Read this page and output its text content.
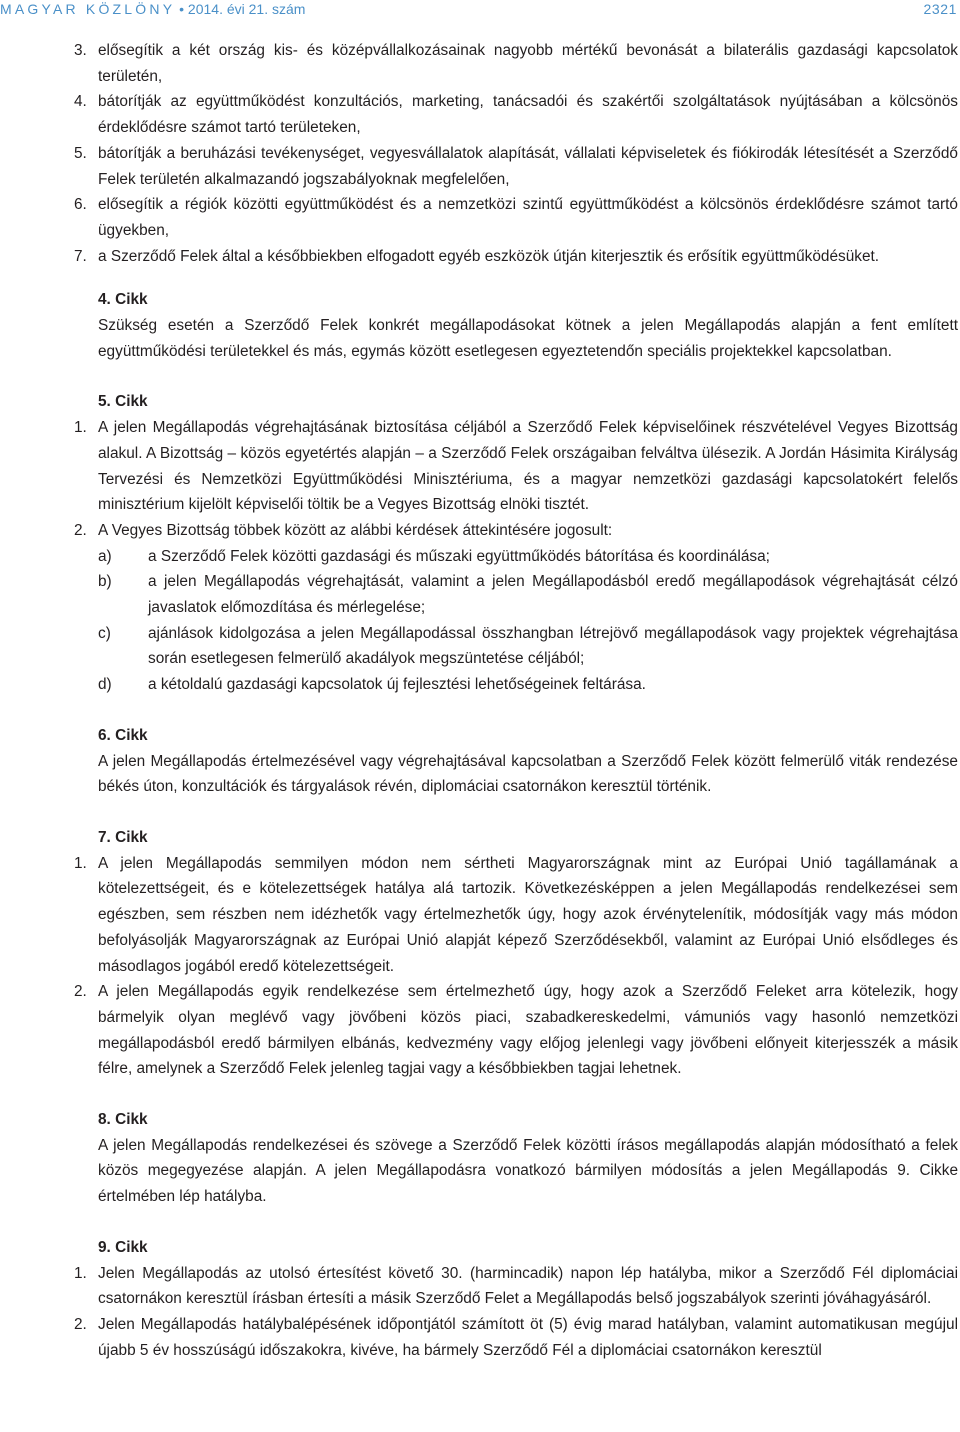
MAGYAR KÖZLÖNY • 2014. évi 21. szám	2321
3. elősegítik a két ország kis- és középvállalkozásainak nagyobb mértékű bevonását a bilaterális gazdasági kapcsolatok területén,
4. bátorítják az együttműködést konzultációs, marketing, tanácsadói és szakértői szolgáltatások nyújtásában a kölcsönös érdeklődésre számot tartó területeken,
5. bátorítják a beruházási tevékenységet, vegyesvállalatok alapítását, vállalati képviseletek és fiókirodák létesítését a Szerződő Felek területén alkalmazandó jogszabályoknak megfelelően,
6. elősegítik a régiók közötti együttműködést és a nemzetközi szintű együttműködést a kölcsönös érdeklődésre számot tartó ügyekben,
7. a Szerződő Felek által a későbbiekben elfogadott egyéb eszközök útján kiterjesztik és erősítik együttműködésüket.
4. Cikk
Szükség esetén a Szerződő Felek konkrét megállapodásokat kötnek a jelen Megállapodás alapján a fent említett együttműködési területekkel és más, egymás között esetlegesen egyeztetendőn speciális projektekkel kapcsolatban.
5. Cikk
1. A jelen Megállapodás végrehajtásának biztosítása céljából a Szerződő Felek képviselőinek részvételével Vegyes Bizottság alakul. A Bizottság – közös egyetértés alapján – a Szerződő Felek országaiban felváltva ülésezik. A Jordán Hásimita Királyság Tervezési és Nemzetközi Együttműködési Minisztériuma, és a magyar nemzetközi gazdasági kapcsolatokért felelős minisztérium kijelölt képviselői töltik be a Vegyes Bizottság elnöki tisztét.
2. A Vegyes Bizottság többek között az alábbi kérdések áttekintésére jogosult:
a) a Szerződő Felek közötti gazdasági és műszaki együttműködés bátorítása és koordinálása;
b) a jelen Megállapodás végrehajtását, valamint a jelen Megállapodásból eredő megállapodások végrehajtását célzó javaslatok előmozdítása és mérlegelése;
c) ajánlások kidolgozása a jelen Megállapodással összhangban létrejövő megállapodások vagy projektek végrehajtása során esetlegesen felmerülő akadályok megszüntetése céljából;
d) a kétoldalú gazdasági kapcsolatok új fejlesztési lehetőségeinek feltárása.
6. Cikk
A jelen Megállapodás értelmezésével vagy végrehajtásával kapcsolatban a Szerződő Felek között felmerülő viták rendezése békés úton, konzultációk és tárgyalások révén, diplomáciai csatornákon keresztül történik.
7. Cikk
1. A jelen Megállapodás semmilyen módon nem sértheti Magyarországnak mint az Európai Unió tagállamának a kötelezettségeit, és e kötelezettségek hatálya alá tartozik. Következésképpen a jelen Megállapodás rendelkezései sem egészben, sem részben nem idézhetők vagy értelmezhetők úgy, hogy azok érvénytelenítik, módosítják vagy más módon befolyásolják Magyarországnak az Európai Unió alapját képező Szerződésekből, valamint az Európai Unió elsődleges és másodlagos jogából eredő kötelezettségeit.
2. A jelen Megállapodás egyik rendelkezése sem értelmezhető úgy, hogy azok a Szerződő Feleket arra kötelezik, hogy bármelyik olyan meglévő vagy jövőbeni közös piaci, szabadkereskedelmi, vámuniós vagy hasonló nemzetközi megállapodásból eredő bármilyen elbánás, kedvezmény vagy előjog jelenlegi vagy jövőbeni előnyeit kiterjesszék a másik félre, amelynek a Szerződő Felek jelenleg tagjai vagy a későbbiekben tagjai lehetnek.
8. Cikk
A jelen Megállapodás rendelkezései és szövege a Szerződő Felek közötti írásos megállapodás alapján módosítható a felek közös megegyezése alapján. A jelen Megállapodásra vonatkozó bármilyen módosítás a jelen Megállapodás 9. Cikke értelmében lép hatályba.
9. Cikk
1. Jelen Megállapodás az utolsó értesítést követő 30. (harmincadik) napon lép hatályba, mikor a Szerződő Fél diplomáciai csatornákon keresztül írásban értesíti a másik Szerződő Felet a Megállapodás belső jogszabályok szerinti jóváhagyásáról.
2. Jelen Megállapodás hatálybalépésének időpontjától számított öt (5) évig marad hatályban, valamint automatikusan megújul újabb 5 év hosszúságú időszakokra, kivéve, ha bármely Szerződő Fél a diplomáciai csatornákon keresztül
